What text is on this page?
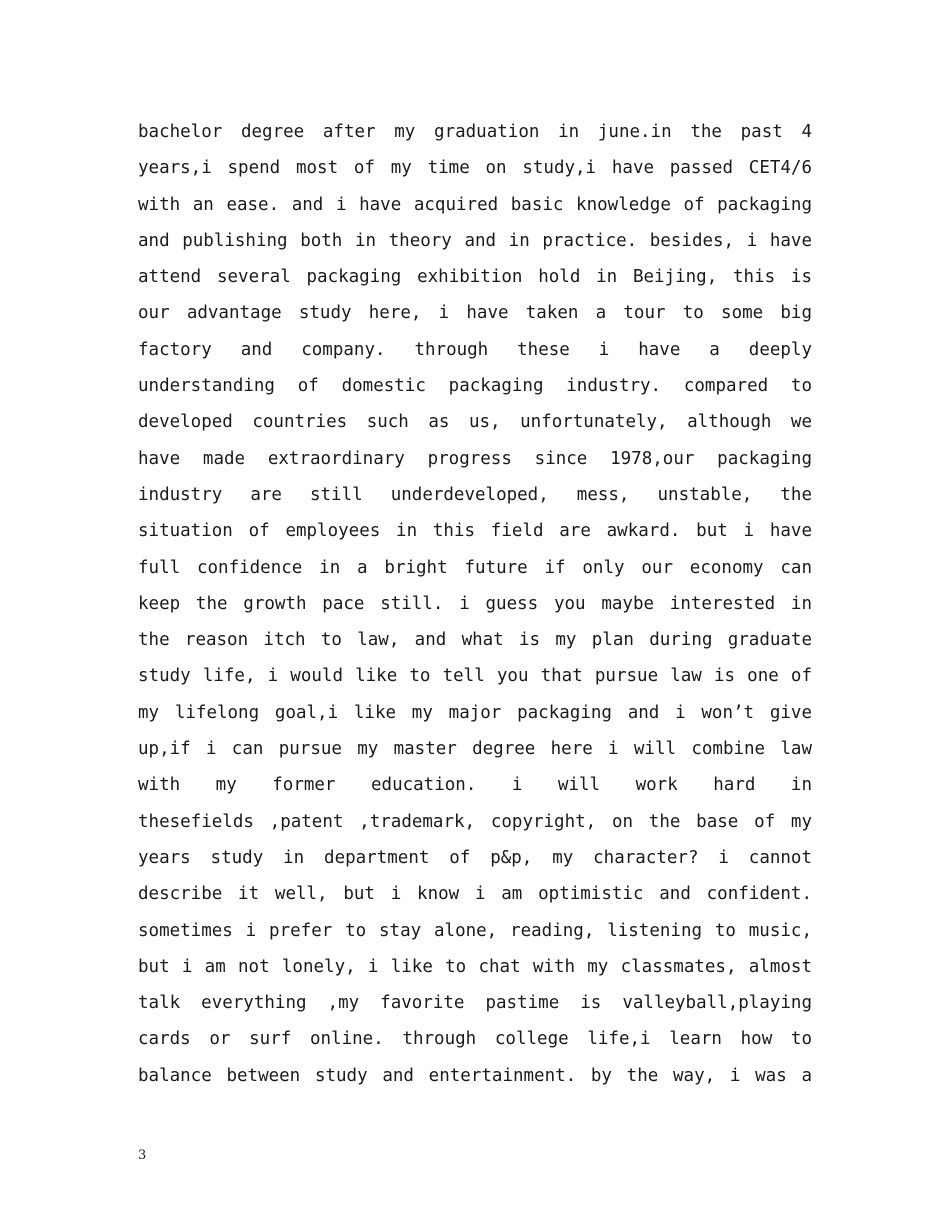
bachelor degree after my graduation in june.in the past 4
years,i spend most of my time on study,i have passed CET4/6
with an ease. and i have acquired basic knowledge of packaging
and publishing both in theory and in practice. besides, i have
attend several packaging exhibition hold in Beijing, this is
our advantage study here, i have taken a tour to some big
factory and company. through these i have a deeply
understanding of domestic packaging industry. compared to
developed countries such as us, unfortunately, although we
have made extraordinary progress since 1978,our packaging
industry are still underdeveloped, mess, unstable, the
situation of employees in this field are awkard. but i have
full confidence in a bright future if only our economy can
keep the growth pace still. i guess you maybe interested in
the reason itch to law, and what is my plan during graduate
study life, i would like to tell you that pursue law is one of
my lifelong goal,i like my major packaging and i won’t give
up,if i can pursue my master degree here i will combine law
with my former education. i will work hard in
thesefields ,patent ,trademark, copyright, on the base of my
years study in department of p&p, my character? i cannot
describe it well, but i know i am optimistic and confident.
sometimes i prefer to stay alone, reading, listening to music,
but i am not lonely, i like to chat with my classmates, almost
talk everything ,my favorite pastime is valleyball,playing
cards or surf online. through college life,i learn how to
balance between study and entertainment. by the way, i was a
3
